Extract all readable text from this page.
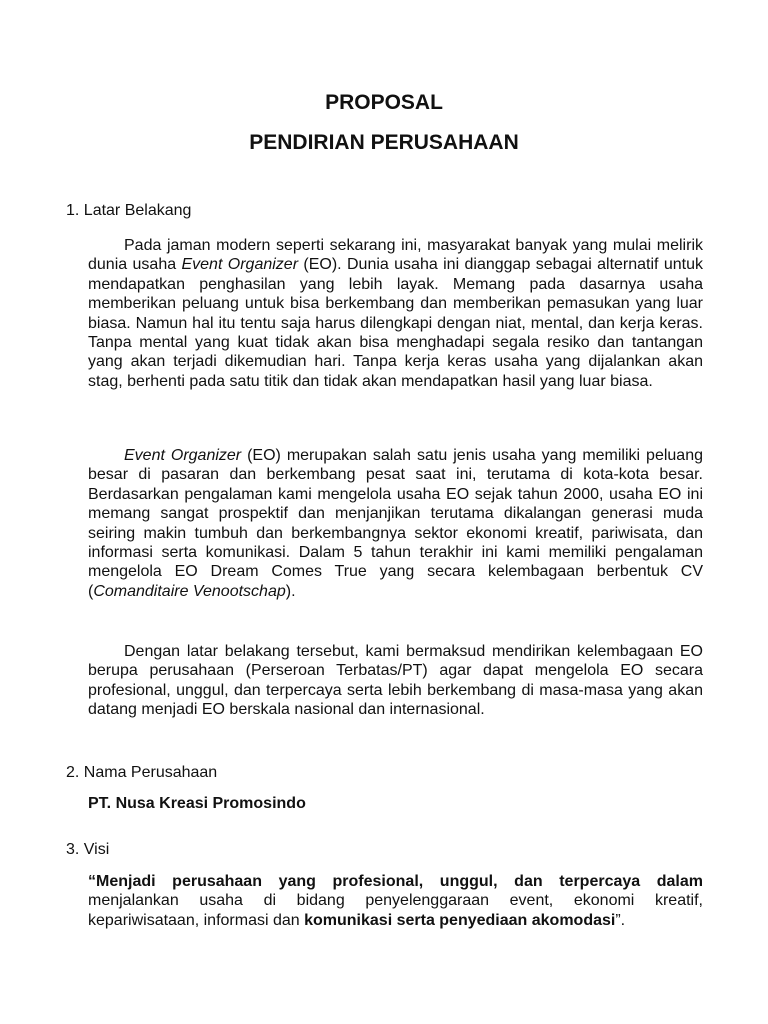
PROPOSAL
PENDIRIAN PERUSAHAAN

1. Latar Belakang

Pada jaman modern seperti sekarang ini, masyarakat banyak yang mulai melirik dunia usaha Event Organizer (EO). Dunia usaha ini dianggap sebagai alternatif untuk mendapatkan penghasilan yang lebih layak. Memang pada dasarnya usaha memberikan peluang untuk bisa berkembang dan memberikan pemasukan yang luar biasa. Namun hal itu tentu saja harus dilengkapi dengan niat, mental, dan kerja keras. Tanpa mental yang kuat tidak akan bisa menghadapi segala resiko dan tantangan yang akan terjadi dikemudian hari. Tanpa kerja keras usaha yang dijalankan akan stag, berhenti pada satu titik dan tidak akan mendapatkan hasil yang luar biasa.

Event Organizer (EO) merupakan salah satu jenis usaha yang memiliki peluang besar di pasaran dan berkembang pesat saat ini, terutama di kota-kota besar. Berdasarkan pengalaman kami mengelola usaha EO sejak tahun 2000, usaha EO ini memang sangat prospektif dan menjanjikan terutama dikalangan generasi muda seiring makin tumbuh dan berkembangnya sektor ekonomi kreatif, pariwisata, dan informasi serta komunikasi. Dalam 5 tahun terakhir ini kami memiliki pengalaman mengelola EO Dream Comes True yang secara kelembagaan berbentuk CV (Comanditaire Venootschap).

Dengan latar belakang tersebut, kami bermaksud mendirikan kelembagaan EO berupa perusahaan (Perseroan Terbatas/PT) agar dapat mengelola EO secara profesional, unggul, dan terpercaya serta lebih berkembang di masa-masa yang akan datang menjadi EO berskala nasional dan internasional.

2. Nama Perusahaan

PT. Nusa Kreasi Promosindo

3. Visi

“Menjadi perusahaan yang profesional, unggul, dan terpercaya dalam menjalankan usaha di bidang penyelenggaraan event, ekonomi kreatif, kepariwisataan, informasi dan komunikasi serta penyediaan akomodasi”.
